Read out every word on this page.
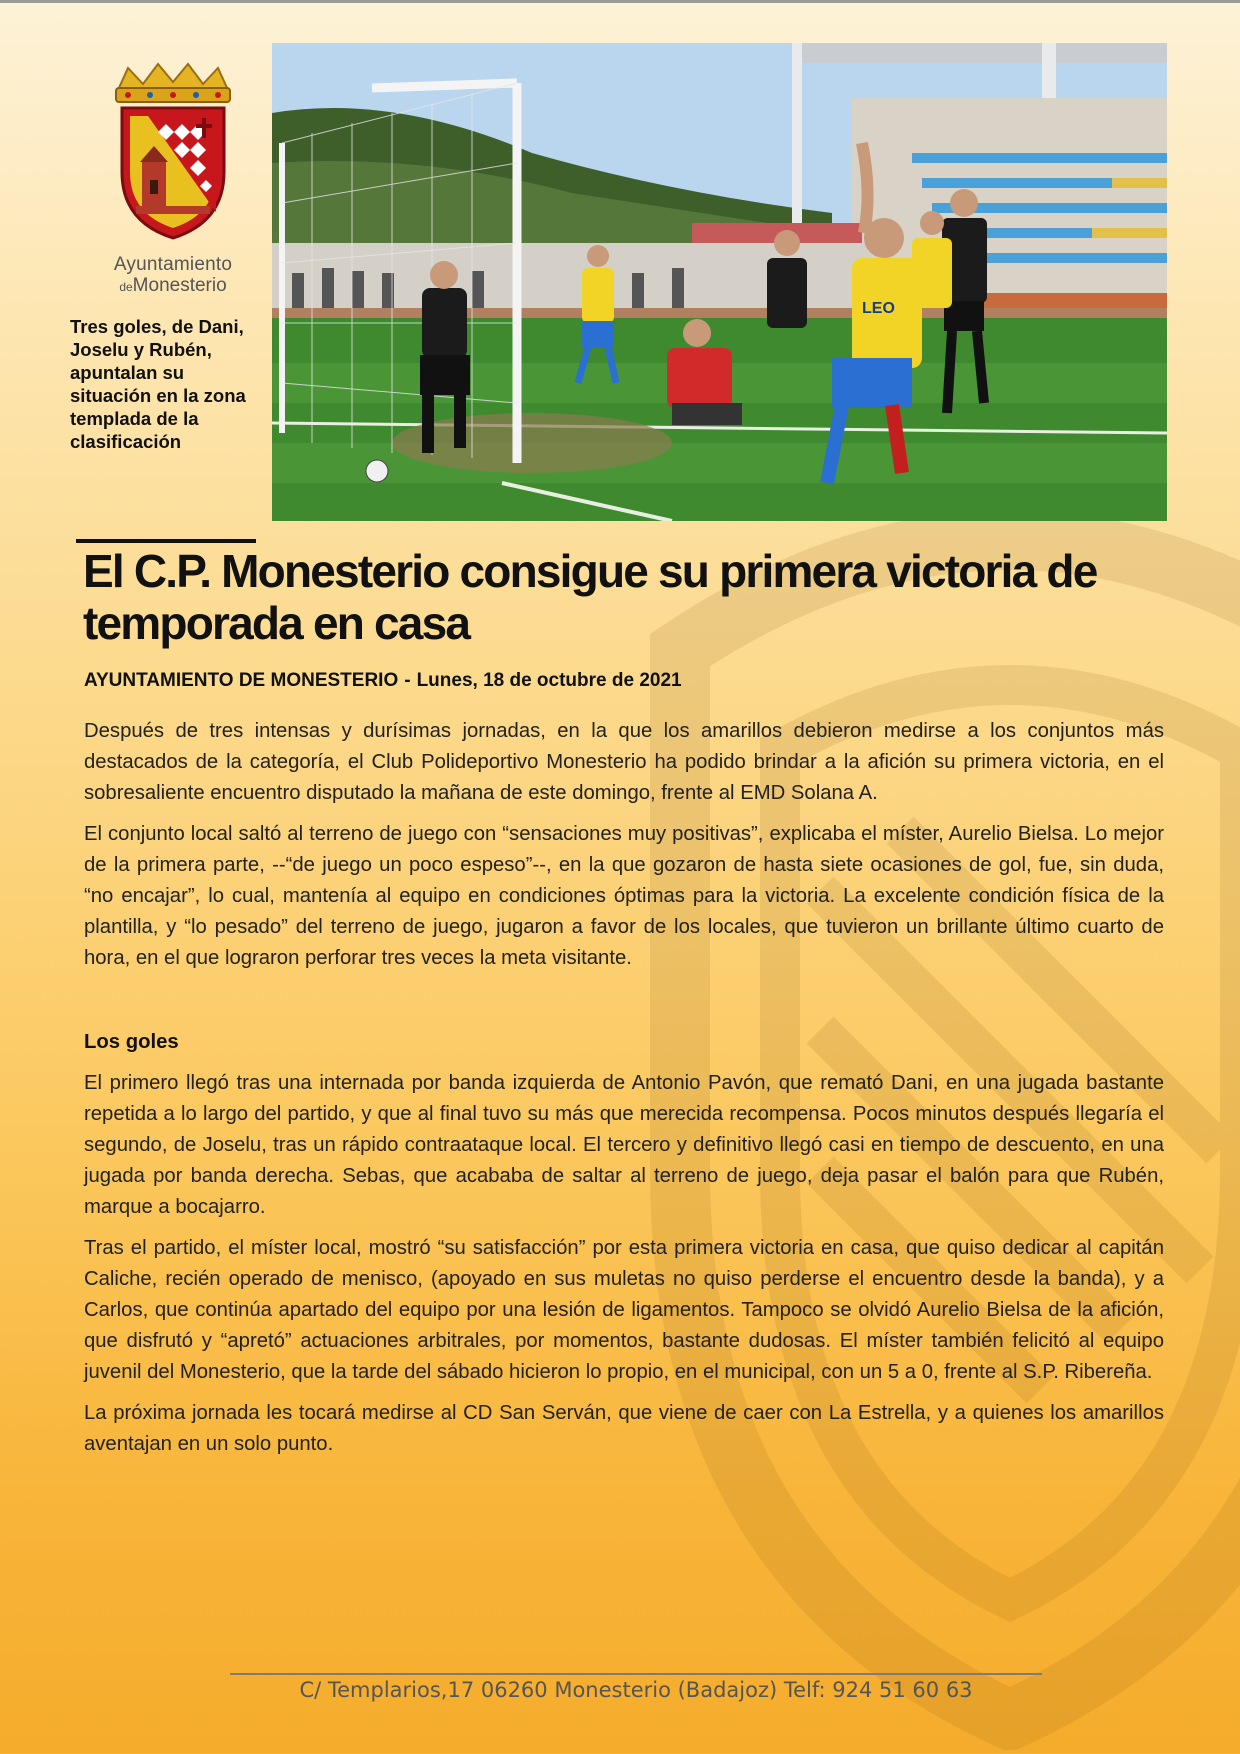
Ayuntamiento
deMonesterio
Tres goles, de Dani, Joselu y Rubén, apuntalan su situación en la zona templada de la clasificación
LEO
El C.P. Monesterio consigue su primera victoria de temporada en casa
AYUNTAMIENTO DE MONESTERIO - Lunes, 18 de octubre de 2021

Después de tres intensas y durísimas jornadas, en la que los amarillos debieron medirse a los conjuntos más destacados de la categoría, el Club Polideportivo Monesterio ha podido brindar a la afición su primera victoria, en el sobresaliente encuentro disputado la mañana de este domingo, frente al EMD Solana A.

El conjunto local saltó al terreno de juego con “sensaciones muy positivas”, explicaba el míster, Aurelio Bielsa. Lo mejor de la primera parte, --“de juego un poco espeso”--, en la que gozaron de hasta siete ocasiones de gol, fue, sin duda, “no encajar”, lo cual, mantenía al equipo en condiciones óptimas para la victoria. La excelente condición física de la plantilla, y “lo pesado” del terreno de juego, jugaron a favor de los locales, que tuvieron un brillante último cuarto de hora, en el que lograron perforar tres veces la meta visitante.

Los goles

El primero llegó tras una internada por banda izquierda de Antonio Pavón, que remató Dani, en una jugada bastante repetida a lo largo del partido, y que al final tuvo su más que merecida recompensa. Pocos minutos después llegaría el segundo, de Joselu, tras un rápido contraataque local. El tercero y definitivo llegó casi en tiempo de descuento, en una jugada por banda derecha. Sebas, que acababa de saltar al terreno de juego, deja pasar el balón para que Rubén, marque a bocajarro.

Tras el partido, el míster local, mostró “su satisfacción” por esta primera victoria en casa, que quiso dedicar al capitán Caliche, recién operado de menisco, (apoyado en sus muletas no quiso perderse el encuentro desde la banda), y a Carlos, que continúa apartado del equipo por una lesión de ligamentos. Tampoco se olvidó Aurelio Bielsa de la afición, que disfrutó y “apretó” actuaciones arbitrales, por momentos, bastante dudosas. El míster también felicitó al equipo juvenil del Monesterio, que la tarde del sábado hicieron lo propio, en el municipal, con un 5 a 0, frente al S.P. Ribereña.

La próxima jornada les tocará medirse al CD San Serván, que viene de caer con La Estrella, y a quienes los amarillos aventajan en un solo punto.

C/ Templarios,17 06260 Monesterio (Badajoz) Telf: 924 51 60 63
